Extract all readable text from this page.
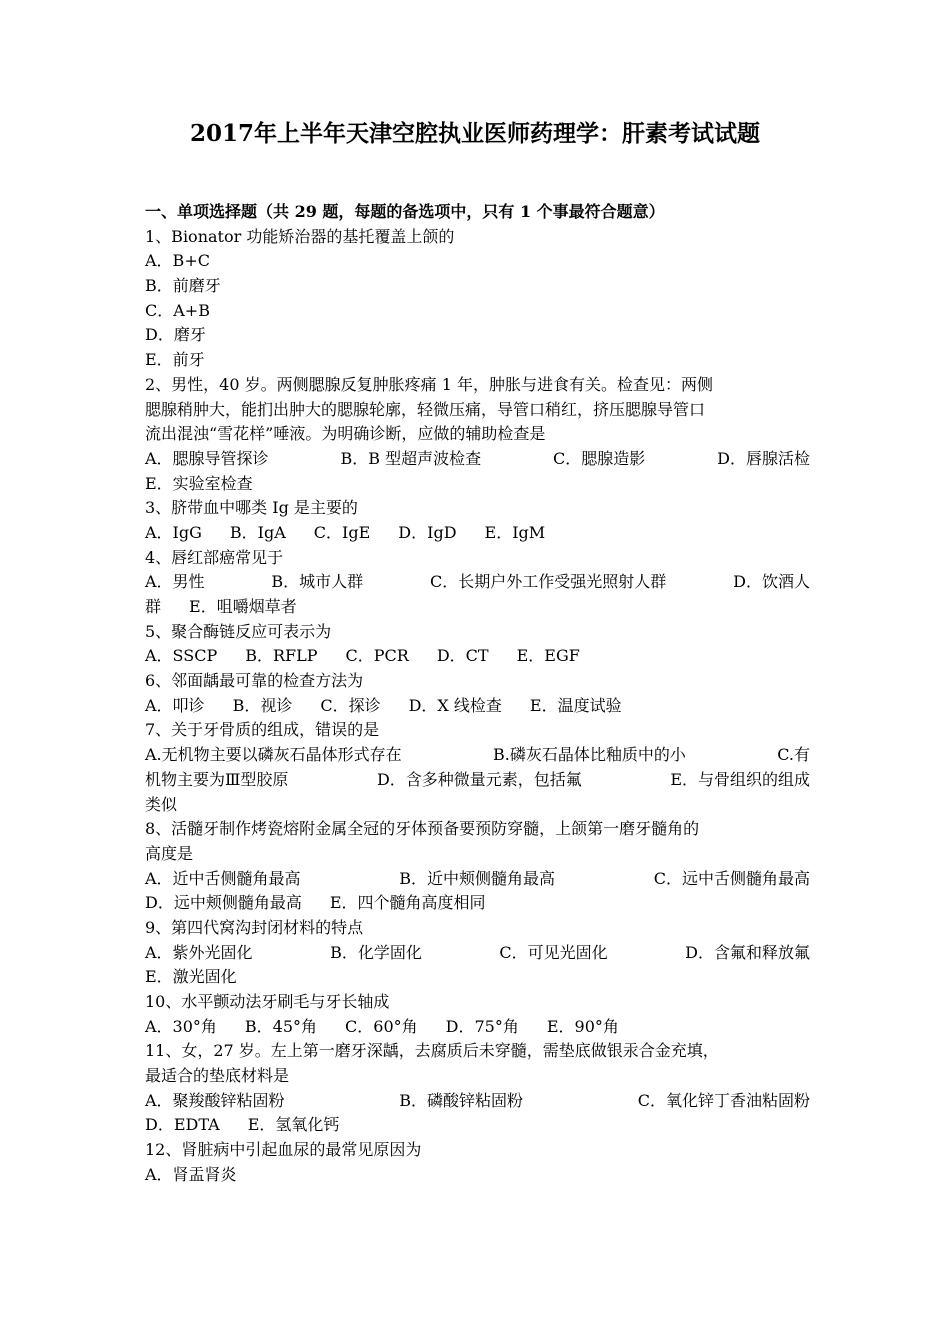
2017年上半年天津空腔执业医师药理学：肝素考试试题
一、单项选择题（共 29 题，每题的备选项中，只有 1 个事最符合题意）
1、Bionator 功能矫治器的基托覆盖上颌的
A．B+C
B．前磨牙
C．A+B
D．磨牙
E．前牙
2、男性，40 岁。两侧腮腺反复肿胀疼痛 1 年，肿胀与进食有关。检查见：两侧
腮腺稍肿大，能扪出肿大的腮腺轮廓，轻微压痛，导管口稍红，挤压腮腺导管口
流出混浊“雪花样”唾液。为明确诊断，应做的辅助检查是
A．腮腺导管探诊	B．B 型超声波检查	C．腮腺造影	D．唇腺活检
E．实验室检查
3、脐带血中哪类 Ig 是主要的
A．IgG B．IgA C．IgE D．IgD E．IgM
4、唇红部癌常见于
A．男性	B．城市人群	C．长期户外工作受强光照射人群	D．饮酒人
群 E．咀嚼烟草者
5、聚合酶链反应可表示为
A．SSCP B．RFLP C．PCR D．CT E．EGF
6、邻面龋最可靠的检查方法为
A．叩诊 B．视诊 C．探诊 D．X 线检查 E．温度试验
7、关于牙骨质的组成，错误的是
A.无机物主要以磷灰石晶体形式存在	B.磷灰石晶体比釉质中的小	C.有
机物主要为Ⅲ型胶原	D．含多种微量元素，包括氟	E．与骨组织的组成
类似
8、活髓牙制作烤瓷熔附金属全冠的牙体预备要预防穿髓，上颌第一磨牙髓角的
高度是
A．近中舌侧髓角最高	B．近中颊侧髓角最高	C．远中舌侧髓角最高
D．远中颊侧髓角最高 E．四个髓角高度相同
9、第四代窝沟封闭材料的特点
A．紫外光固化	B．化学固化	C．可见光固化	D．含氟和释放氟
E．激光固化
10、水平颤动法牙刷毛与牙长轴成
A．30°角 B．45°角 C．60°角 D．75°角 E．90°角
11、女，27 岁。左上第一磨牙深龋，去腐质后未穿髓，需垫底做银汞合金充填，
最适合的垫底材料是
A．聚羧酸锌粘固粉	B．磷酸锌粘固粉	C．氧化锌丁香油粘固粉
D．EDTA E．氢氧化钙
12、肾脏病中引起血尿的最常见原因为
A．肾盂肾炎
